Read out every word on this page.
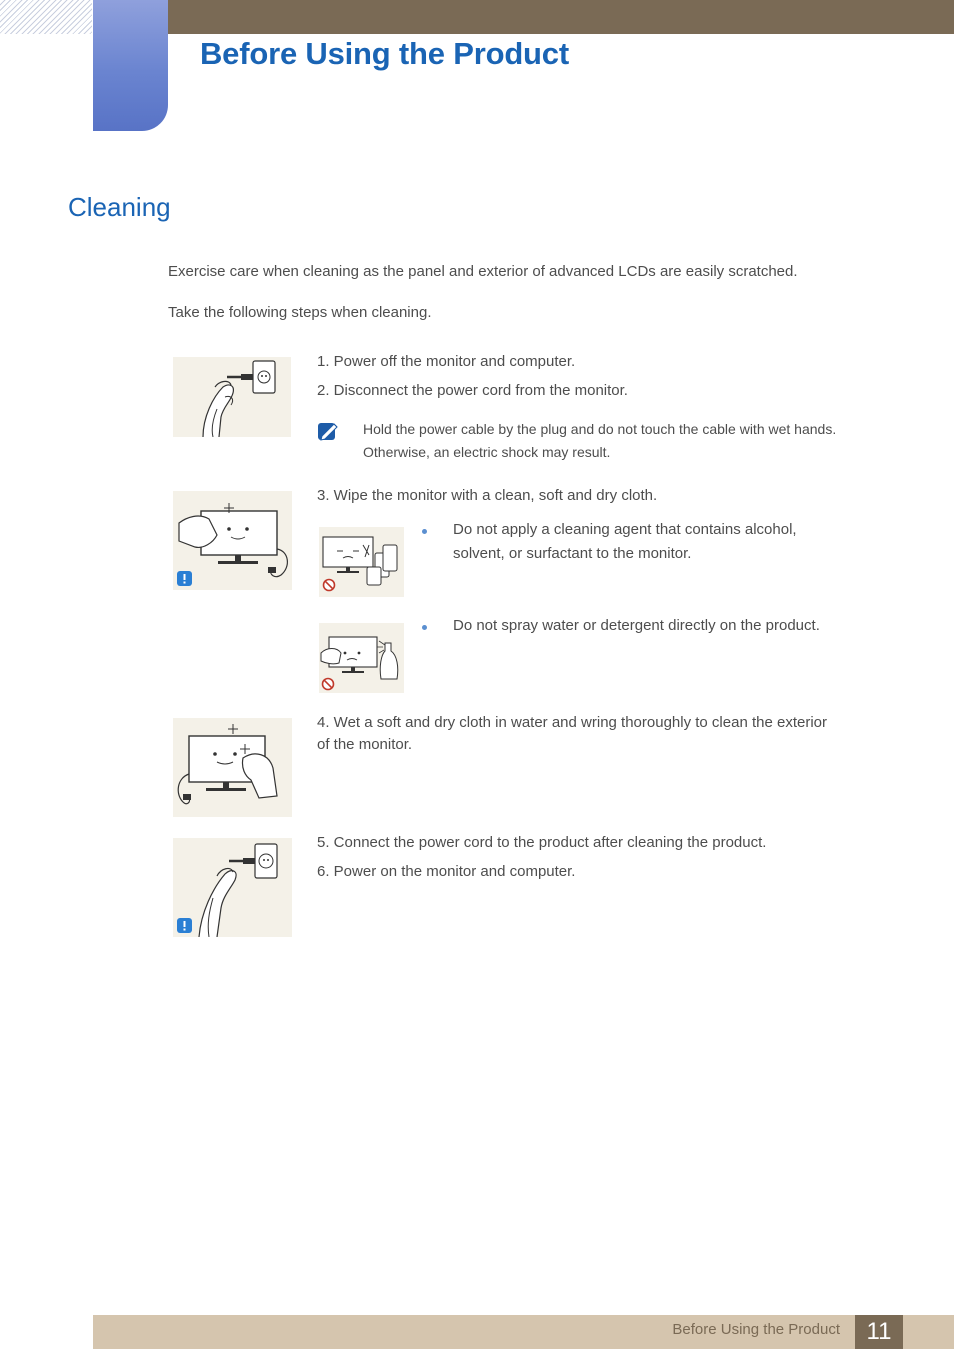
Before Using the Product
Cleaning

Exercise care when cleaning as the panel and exterior of advanced LCDs are easily scratched.

Take the following steps when cleaning.

1. Power off the monitor and computer.

2. Disconnect the power cord from the monitor.

Hold the power cable by the plug and do not touch the cable with wet hands. Otherwise, an electric shock may result.

3. Wipe the monitor with a clean, soft and dry cloth.

Do not apply a cleaning agent that contains alcohol, solvent, or surfactant to the monitor.

Do not spray water or detergent directly on the product.

4. Wet a soft and dry cloth in water and wring thoroughly to clean the exterior of the monitor.

5. Connect the power cord to the product after cleaning the product.

6. Power on the monitor and computer.

Before Using the Product	11
